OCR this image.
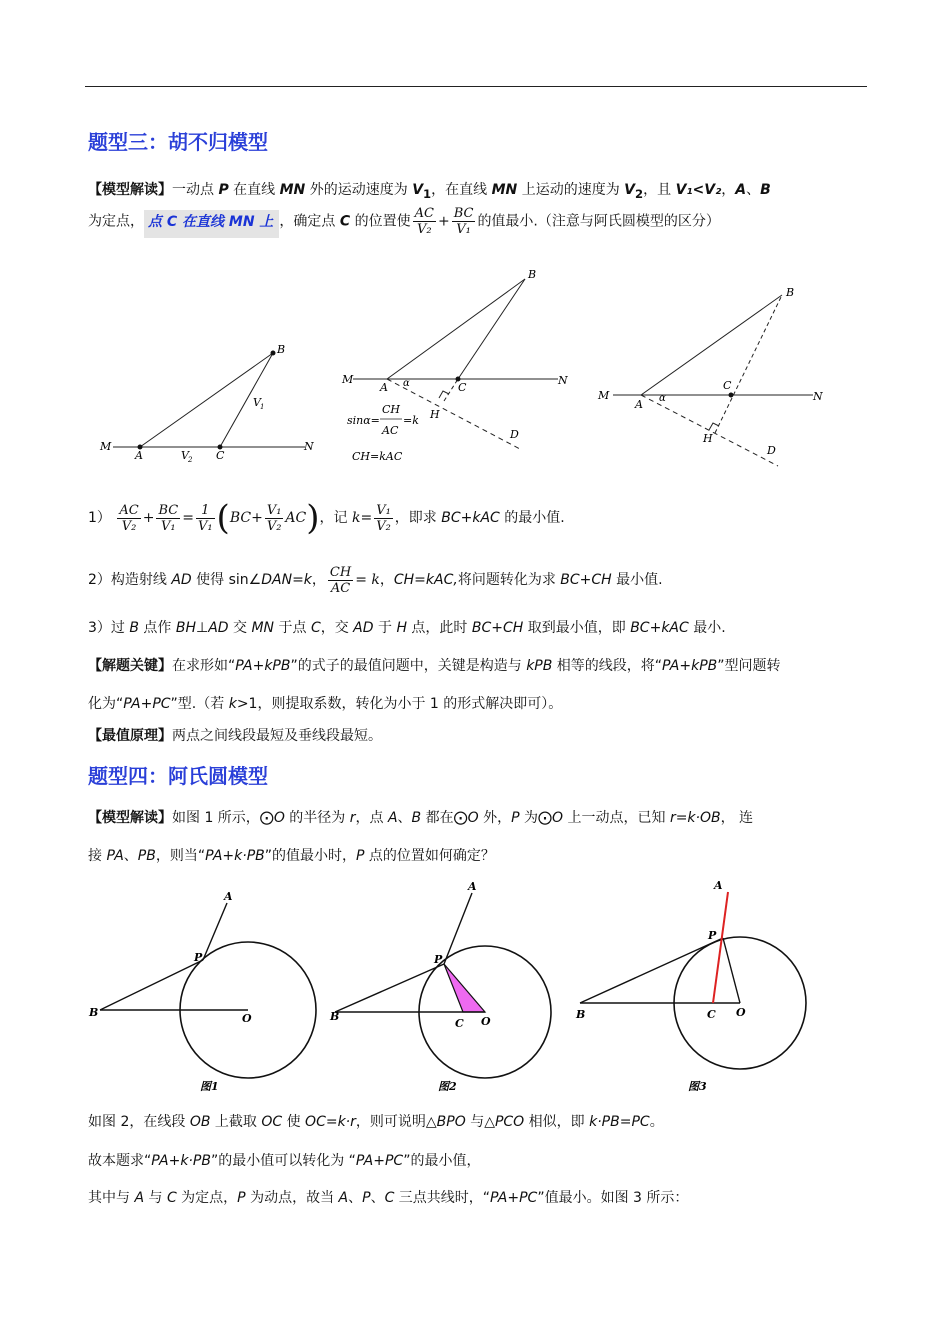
题型三：胡不归模型
【模型解读】一动点 P 在直线 MN 外的运动速度为 $V_1$，在直线 MN 上运动的速度为 $V_2$，且 V₁<V₂，A、B
为定点， 点 C 在直线 MN 上 ，确定点 C 的位置使 $\frac{AC}{\text{V₂}} + \frac{BC}{\text{V₁}}$ 的值最小.（注意与阿氏圆模型的区分）
M	N
A	C
B
V 1
V 2
M	N
A	C
B
H
D
α
sinα=
CH
AC
=k
CH=kAC
M	N
A
C
B
H
D
α
$1) \frac{AC}{\text{V₂}} + \frac{BC}{\text{V₁}} = \frac{1}{\text{V₁}} (BC+ \frac{\text{V₁}}{\text{V₂}} AC)$，记 $k= \frac{\text{V₁}}{\text{V₂}}$ ，即求 BC+kAC 的最小值.
2）构造射线 AD 使得 sin∠DAN=k， $\frac{CH}{AC} = k$，CH=kAC,将问题转化为求 BC+CH 最小值.
3）过 B 点作 BH⊥AD 交 MN 于点 C，交 AD 于 H 点，此时 BC+CH 取到最小值，即 BC+kAC 最小.
【解题关键】在求形如“PA+kPB”的式子的最值问题中，关键是构造与 kPB 相等的线段，将“PA+kPB”型问题转
化为“PA+PC”型.（若 k>1，则提取系数，转化为小于 1 的形式解决即可）。
【最值原理】两点之间线段最短及垂线段最短。
题型四：阿氏圆模型
【模型解读】如图 1 所示，⨀O 的半径为 r，点 A、B 都在⨀O 外，P 为⨀O 上一动点，已知 r=k·OB， 连
接 PA、PB，则当“PA+k·PB”的值最小时，P 点的位置如何确定？
A
P
B	O
图1
A
P
B
C O
图2
A
P
B	C O
图3
如图 2，在线段 OB 上截取 OC 使 OC=k·r，则可说明△BPO 与△PCO 相似，即 k·PB=PC。
故本题求“PA+k·PB”的最小值可以转化为 “PA+PC”的最小值，
其中与 A 与 C 为定点，P 为动点，故当 A、P、C 三点共线时，“PA+PC”值最小。如图 3 所示：
